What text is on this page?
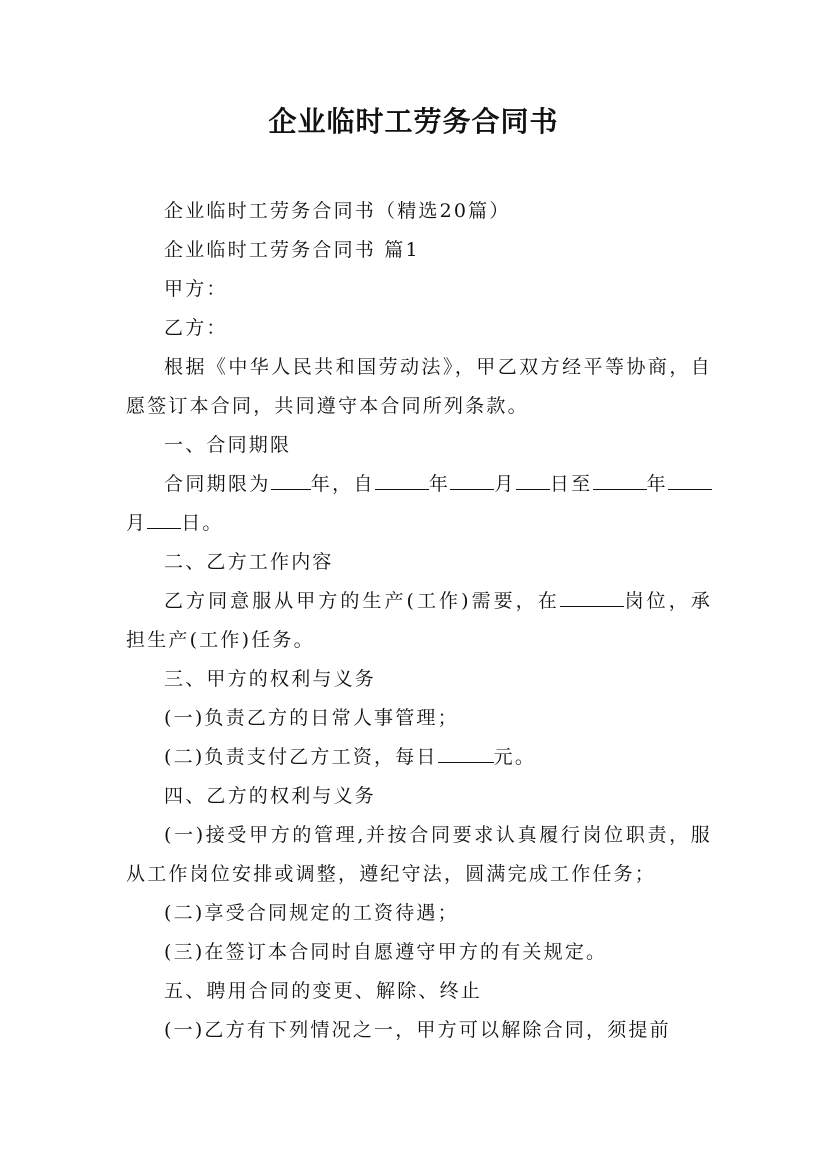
企业临时工劳务合同书

企业临时工劳务合同书（精选20篇）

企业临时工劳务合同书 篇1

甲方：

乙方：

根据《中华人民共和国劳动法》，甲乙双方经平等协商，自愿签订本合同，共同遵守本合同所列条款。

一、合同期限

合同期限为 年，自	年 月 日至	年月 日。

二、乙方工作内容

乙方同意服从甲方的生产(工作)需要，在	岗位，承担生产(工作)任务。

三、甲方的权利与义务

(一)负责乙方的日常人事管理；

(二)负责支付乙方工资，每日	元。

四、乙方的权利与义务

(一)接受甲方的管理,并按合同要求认真履行岗位职责，服从工作岗位安排或调整，遵纪守法，圆满完成工作任务；

(二)享受合同规定的工资待遇；

(三)在签订本合同时自愿遵守甲方的有关规定。

五、聘用合同的变更、解除、终止

(一)乙方有下列情况之一，甲方可以解除合同，须提前
